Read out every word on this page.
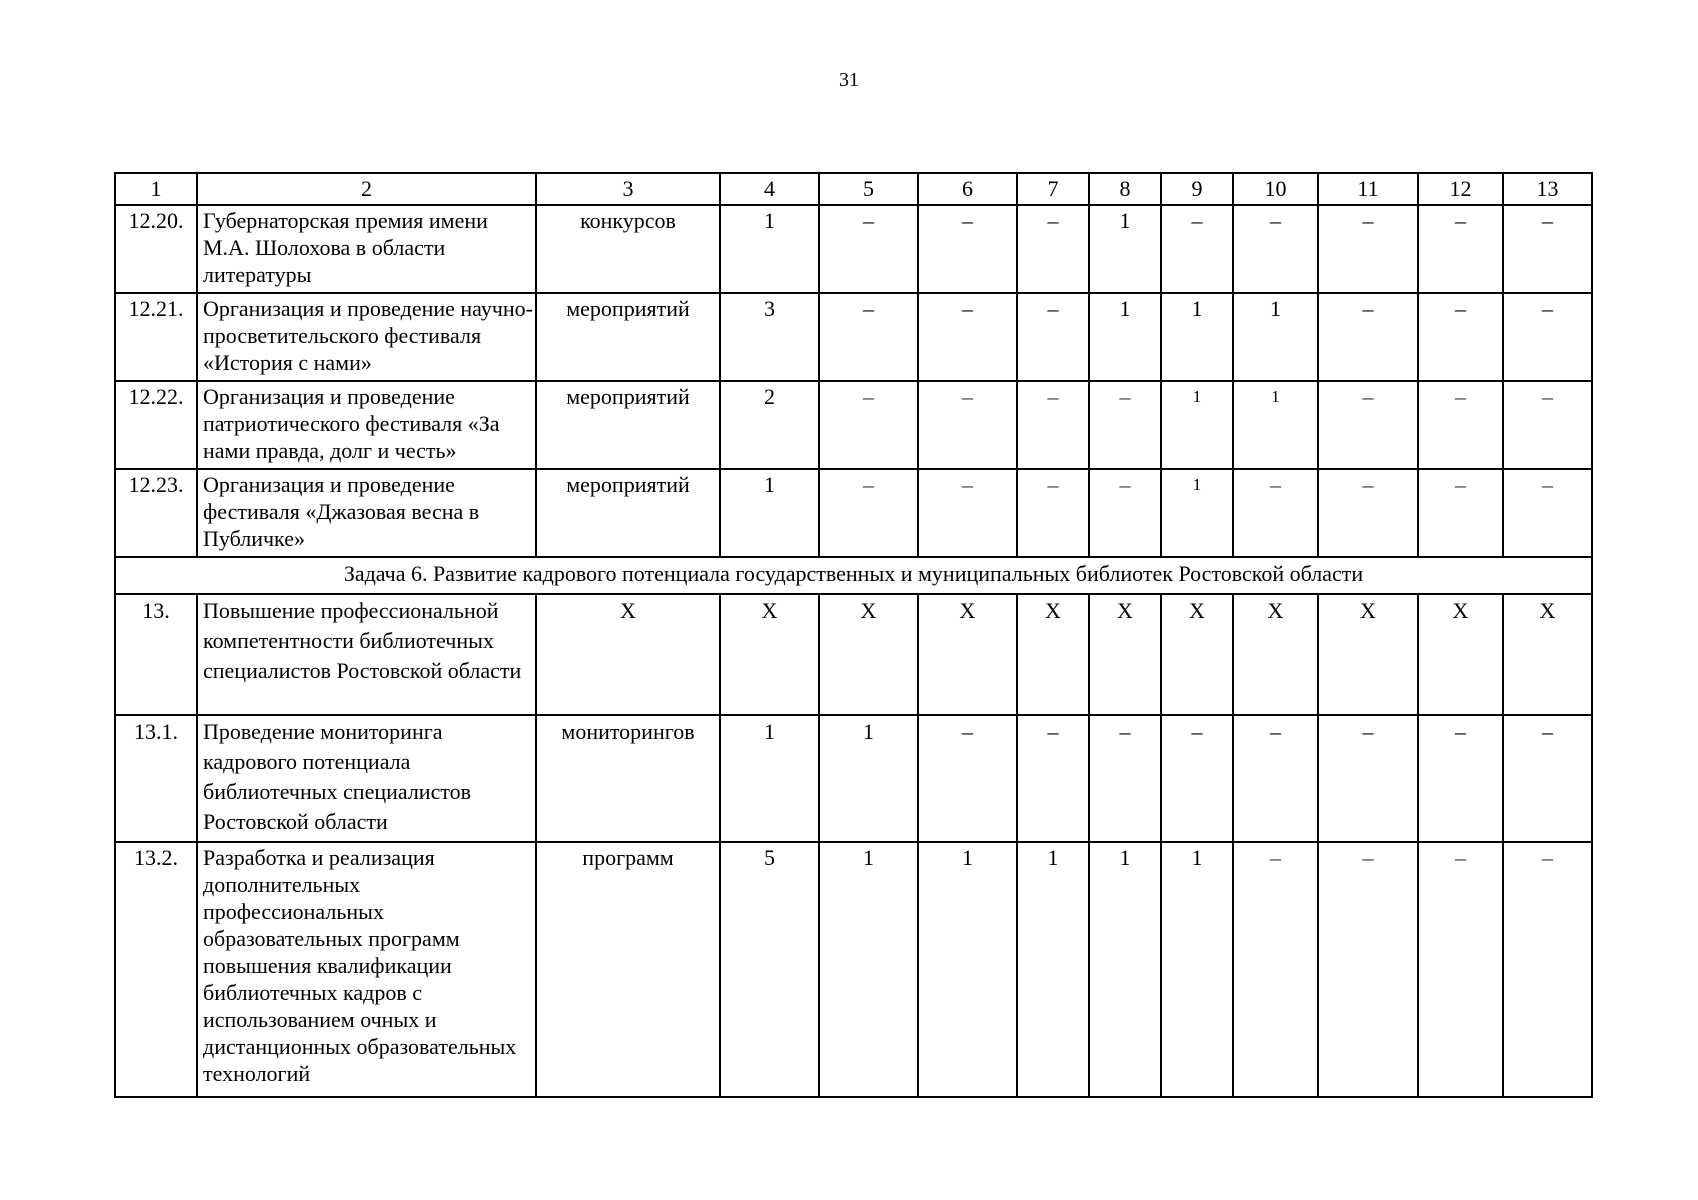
31
1	2	3	4	5	6	7	8	9	10	11	12	13
12.20.	Губернаторская премия имени М.А. Шолохова в области литературы	конкурсов	1	–	–	–	1	–	–	–	–	–
12.21.	Организация и проведение научно-просветительского фестиваля «История с нами»	мероприятий	3	–	–	–	1	1	1	–	–	–
12.22.	Организация и проведение патриотического фестиваля «За нами правда, долг и честь»	мероприятий	2	–	–	–	–	1	1	–	–	–
12.23.	Организация и проведение фестиваля «Джазовая весна в Публичке»	мероприятий	1	–	–	–	–	1	–	–	–	–
Задача 6. Развитие кадрового потенциала государственных и муниципальных библиотек Ростовской области												
13.	Повышение профессиональной компетентности библиотечных специалистов Ростовской области	Х	Х	Х	Х	Х	Х	Х	Х	Х	Х	Х
13.1.	Проведение мониторинга кадрового потенциала библиотечных специалистов Ростовской области	мониторингов	1	1	–	–	–	–	–	–	–	–
13.2.	Разработка и реализация дополнительных профессиональных образовательных программ повышения квалификации библиотечных кадров с использованием очных и дистанционных образовательных технологий	программ	5	1	1	1	1	1	–	–	–	–
